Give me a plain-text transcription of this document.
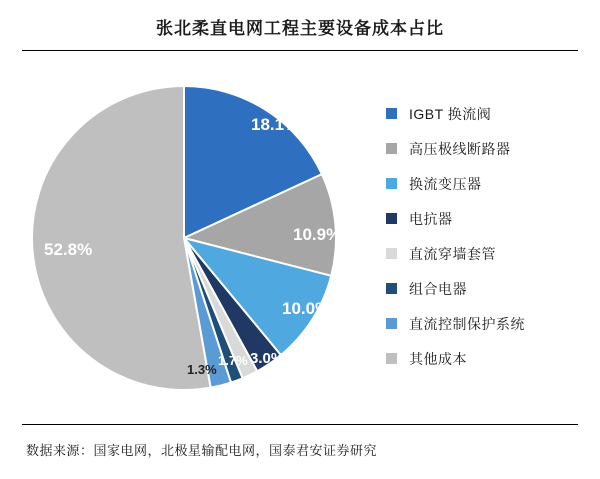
张北柔直电网工程主要设备成本占比
18.1%
10.9%
10.0%
3.0%
1.7%
1.3%
52.8%
IGBT 换流阀
高压极线断路器
换流变压器
电抗器
直流穿墙套管
组合电器
直流控制保护系统
其他成本
数据来源：国家电网，北极星输配电网，国泰君安证券研究
